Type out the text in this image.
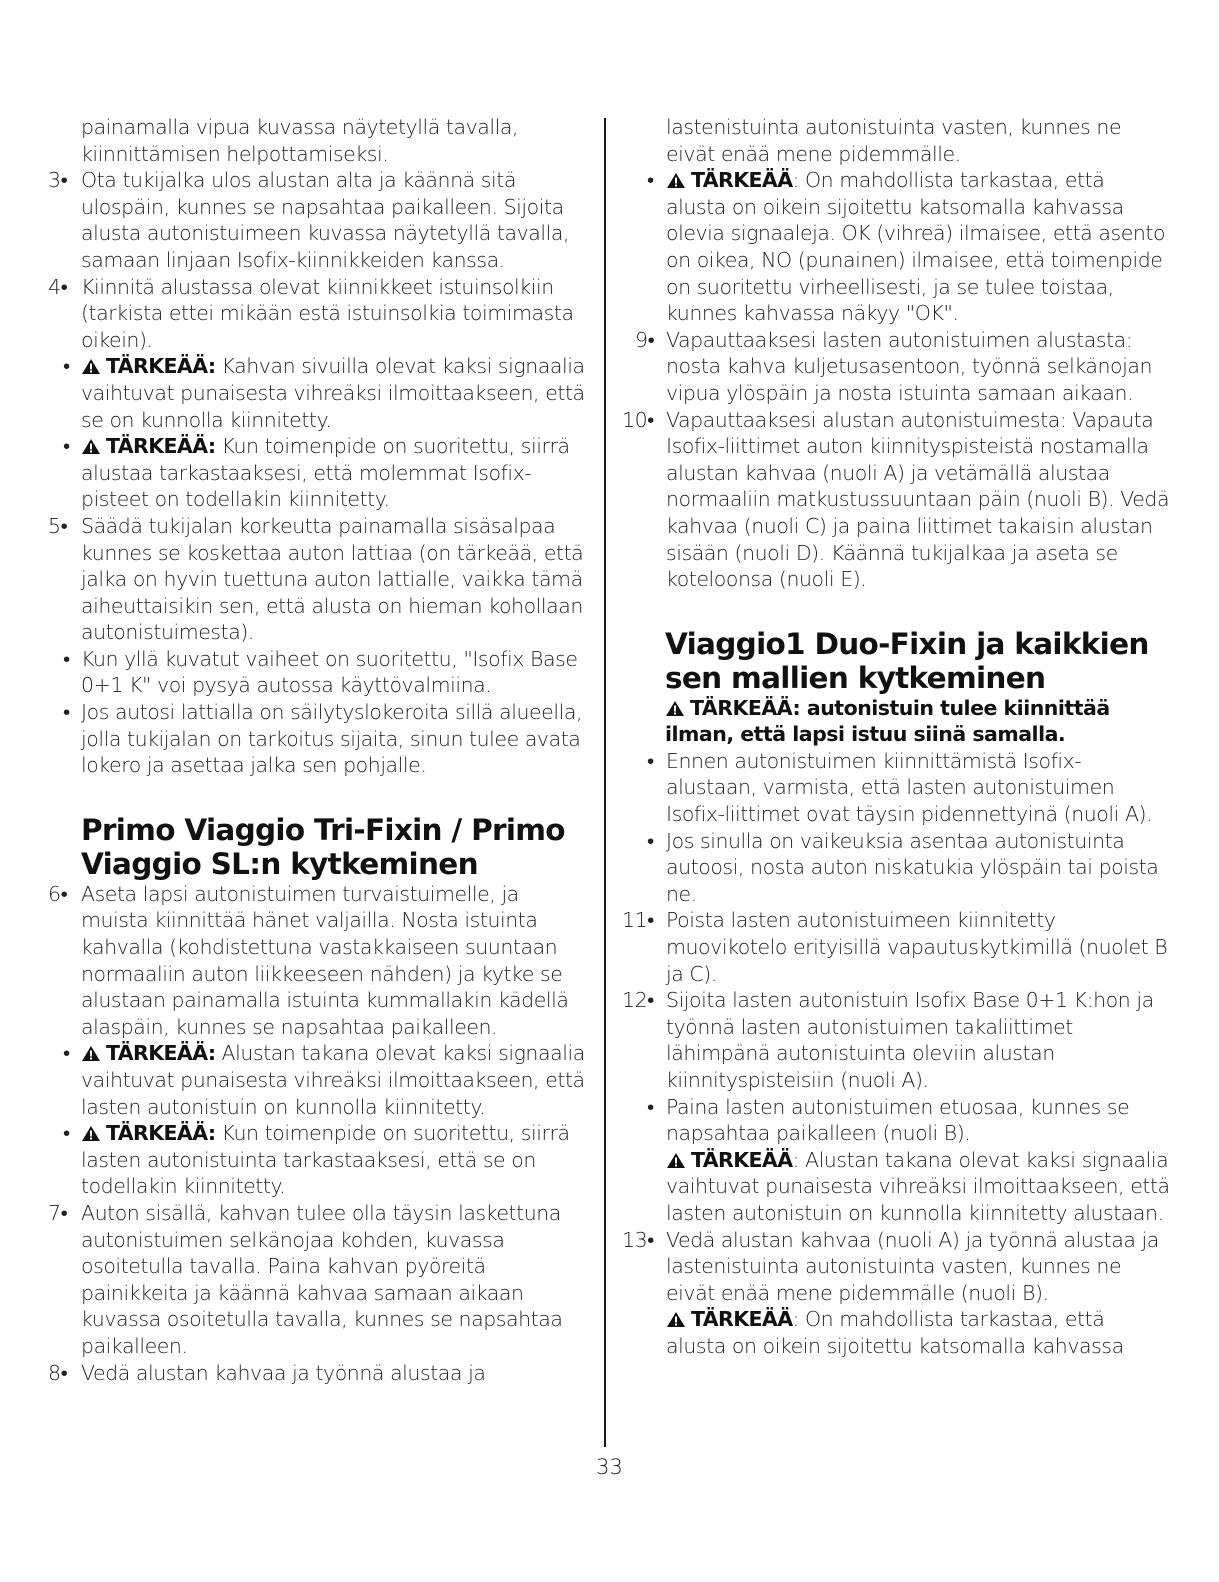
painamalla vipua kuvassa näytetyllä tavalla, kiinnittämisen helpottamiseksi.
3• Ota tukijalka ulos alustan alta ja käännä sitä ulospäin, kunnes se napsahtaa paikalleen. Sijoita alusta autonistuimeen kuvassa näytetyllä tavalla, samaan linjaan Isofix-kiinnikkeiden kanssa.
4• Kiinnitä alustassa olevat kiinnikkeet istuinsolkiin (tarkista ettei mikään estä istuinsolkia toimimasta oikein).
• TÄRKEÄÄ: Kahvan sivuilla olevat kaksi signaalia vaihtuvat punaisesta vihreäksi ilmoittaakseen, että se on kunnolla kiinnitetty.
• TÄRKEÄÄ: Kun toimenpide on suoritettu, siirrä alustaa tarkastaaksesi, että molemmat Isofix-pisteet on todellakin kiinnitetty.
5• Säädä tukijalan korkeutta painamalla sisäsalpaa kunnes se koskettaa auton lattiaa (on tärkeää, että jalka on hyvin tuettuna auton lattialle, vaikka tämä aiheuttaisikin sen, että alusta on hieman kohollaan autonistuimesta).
• Kun yllä kuvatut vaiheet on suoritettu, "Isofix Base 0+1 K" voi pysyä autossa käyttövalmiina.
• Jos autosi lattialla on säilytyslokeroita sillä alueella, jolla tukijalan on tarkoitus sijaita, sinun tulee avata lokero ja asettaa jalka sen pohjalle.
Primo Viaggio Tri-Fixin / Primo Viaggio SL:n kytkeminen
6• Aseta lapsi autonistuimen turvaistuimelle, ja muista kiinnittää hänet valjailla. Nosta istuinta kahvalla (kohdistettuna vastakkaiseen suuntaan normaaliin auton liikkeeseen nähden) ja kytke se alustaan painamalla istuinta kummallakin kädellä alaspäin, kunnes se napsahtaa paikalleen.
• TÄRKEÄÄ: Alustan takana olevat kaksi signaalia vaihtuvat punaisesta vihreäksi ilmoittaakseen, että lasten autonistuin on kunnolla kiinnitetty.
• TÄRKEÄÄ: Kun toimenpide on suoritettu, siirrä lasten autonistuinta tarkastaaksesi, että se on todellakin kiinnitetty.
7• Auton sisällä, kahvan tulee olla täysin laskettuna autonistuimen selkänojaa kohden, kuvassa osoitetulla tavalla. Paina kahvan pyöreitä painikkeita ja käännä kahvaa samaan aikaan kuvassa osoitetulla tavalla, kunnes se napsahtaa paikalleen.
8• Vedä alustan kahvaa ja työnnä alustaa ja
lastenistuinta autonistuinta vasten, kunnes ne eivät enää mene pidemmälle.
• TÄRKEÄÄ: On mahdollista tarkastaa, että alusta on oikein sijoitettu katsomalla kahvassa olevia signaaleja. OK (vihreä) ilmaisee, että asento on oikea, NO (punainen) ilmaisee, että toimenpide on suoritettu virheellisesti, ja se tulee toistaa, kunnes kahvassa näkyy "OK".
9• Vapauttaaksesi lasten autonistuimen alustasta: nosta kahva kuljetusasentoon, työnnä selkänojan vipua ylöspäin ja nosta istuinta samaan aikaan.
10• Vapauttaaksesi alustan autonistuimesta: Vapauta Isofix-liittimet auton kiinnityspisteistä nostamalla alustan kahvaa (nuoli A) ja vetämällä alustaa normaaliin matkustussuuntaan päin (nuoli B). Vedä kahvaa (nuoli C) ja paina liittimet takaisin alustan sisään (nuoli D). Käännä tukijalkaa ja aseta se koteloonsa (nuoli E).
Viaggio1 Duo-Fixin ja kaikkien sen mallien kytkeminen
TÄRKEÄÄ: autonistuin tulee kiinnittää ilman, että lapsi istuu siinä samalla.
• Ennen autonistuimen kiinnittämistä Isofix-alustaan, varmista, että lasten autonistuimen Isofix-liittimet ovat täysin pidennettyinä (nuoli A).
• Jos sinulla on vaikeuksia asentaa autonistuinta autoosi, nosta auton niskatukia ylöspäin tai poista ne.
11• Poista lasten autonistuimeen kiinnitetty muovikotelo erityisillä vapautuskytkimillä (nuolet B ja C).
12• Sijoita lasten autonistuin Isofix Base 0+1 K:hon ja työnnä lasten autonistuimen takaliittimet lähimpänä autonistuinta oleviin alustan kiinnityspisteisiin (nuoli A).
• Paina lasten autonistuimen etuosaa, kunnes se napsahtaa paikalleen (nuoli B).
TÄRKEÄÄ: Alustan takana olevat kaksi signaalia vaihtuvat punaisesta vihreäksi ilmoittaakseen, että lasten autonistuin on kunnolla kiinnitetty alustaan.
13• Vedä alustan kahvaa (nuoli A) ja työnnä alustaa ja lastenistuinta autonistuinta vasten, kunnes ne eivät enää mene pidemmälle (nuoli B).
TÄRKEÄÄ: On mahdollista tarkastaa, että alusta on oikein sijoitettu katsomalla kahvassa
33
